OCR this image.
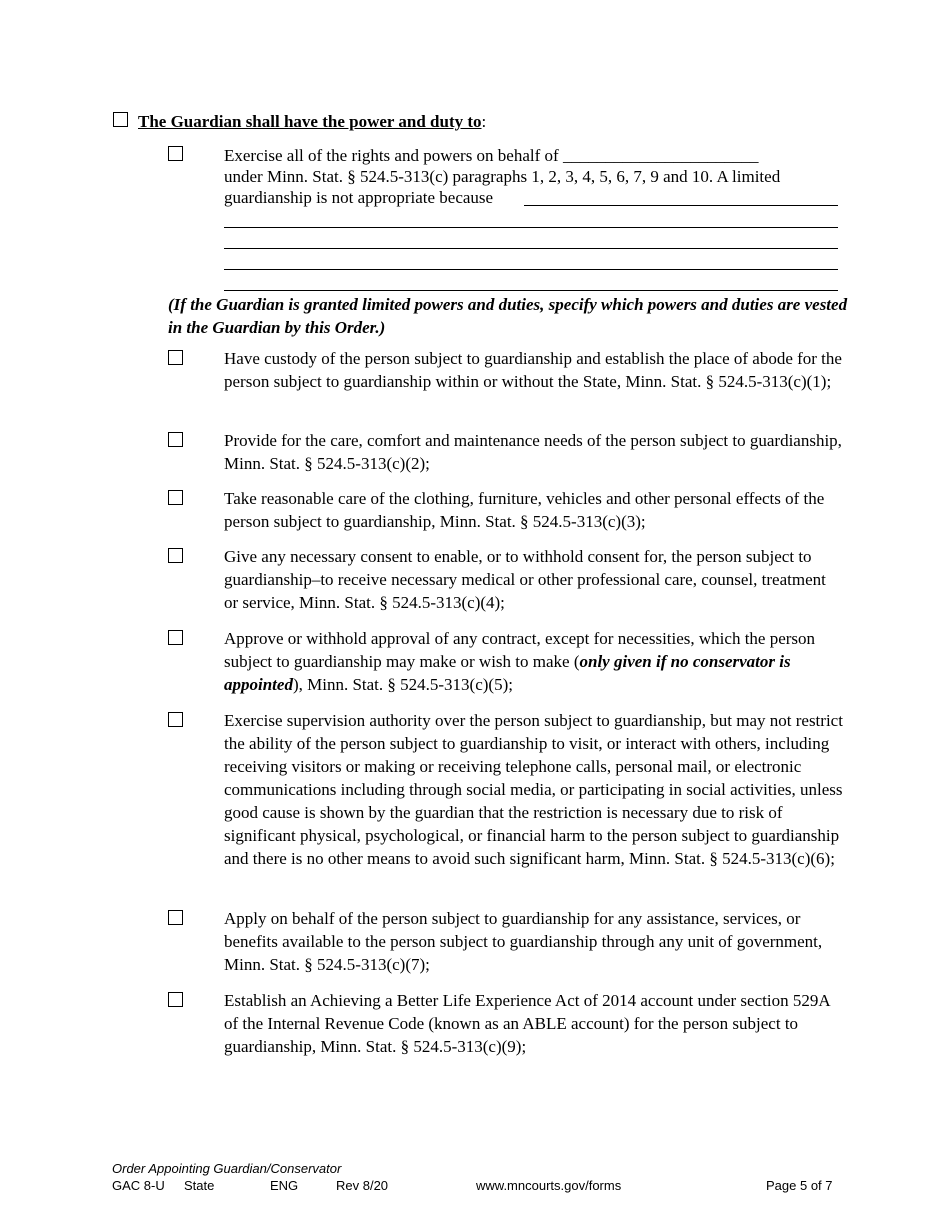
The Guardian shall have the power and duty to:
Exercise all of the rights and powers on behalf of _______________________
under Minn. Stat. § 524.5-313(c) paragraphs 1, 2, 3, 4, 5, 6, 7, 9 and 10. A limited
guardianship is not appropriate because
(If the Guardian is granted limited powers and duties, specify which powers and duties are vested in the Guardian by this Order.)
Have custody of the person subject to guardianship and establish the place of abode for the person subject to guardianship within or without the State, Minn. Stat. § 524.5-313(c)(1);
Provide for the care, comfort and maintenance needs of the person subject to guardianship, Minn. Stat. § 524.5-313(c)(2);
Take reasonable care of the clothing, furniture, vehicles and other personal effects of the person subject to guardianship, Minn. Stat. § 524.5-313(c)(3);
Give any necessary consent to enable, or to withhold consent for, the person subject to guardianship–to receive necessary medical or other professional care, counsel, treatment or service, Minn. Stat. § 524.5-313(c)(4);
Approve or withhold approval of any contract, except for necessities, which the person subject to guardianship may make or wish to make (only given if no conservator is appointed), Minn. Stat. § 524.5-313(c)(5);
Exercise supervision authority over the person subject to guardianship, but may not restrict the ability of the person subject to guardianship to visit, or interact with others, including receiving visitors or making or receiving telephone calls, personal mail, or electronic communications including through social media, or participating in social activities, unless good cause is shown by the guardian that the restriction is necessary due to risk of significant physical, psychological, or financial harm to the person subject to guardianship and there is no other means to avoid such significant harm, Minn. Stat. § 524.5-313(c)(6);
Apply on behalf of the person subject to guardianship for any assistance, services, or benefits available to the person subject to guardianship through any unit of government, Minn. Stat. § 524.5-313(c)(7);
Establish an Achieving a Better Life Experience Act of 2014 account under section 529A of the Internal Revenue Code (known as an ABLE account) for the person subject to guardianship, Minn. Stat. § 524.5-313(c)(9);
Order Appointing Guardian/Conservator
GAC 8-U State	ENG	Rev 8/20	www.mncourts.gov/forms	Page 5 of 7
